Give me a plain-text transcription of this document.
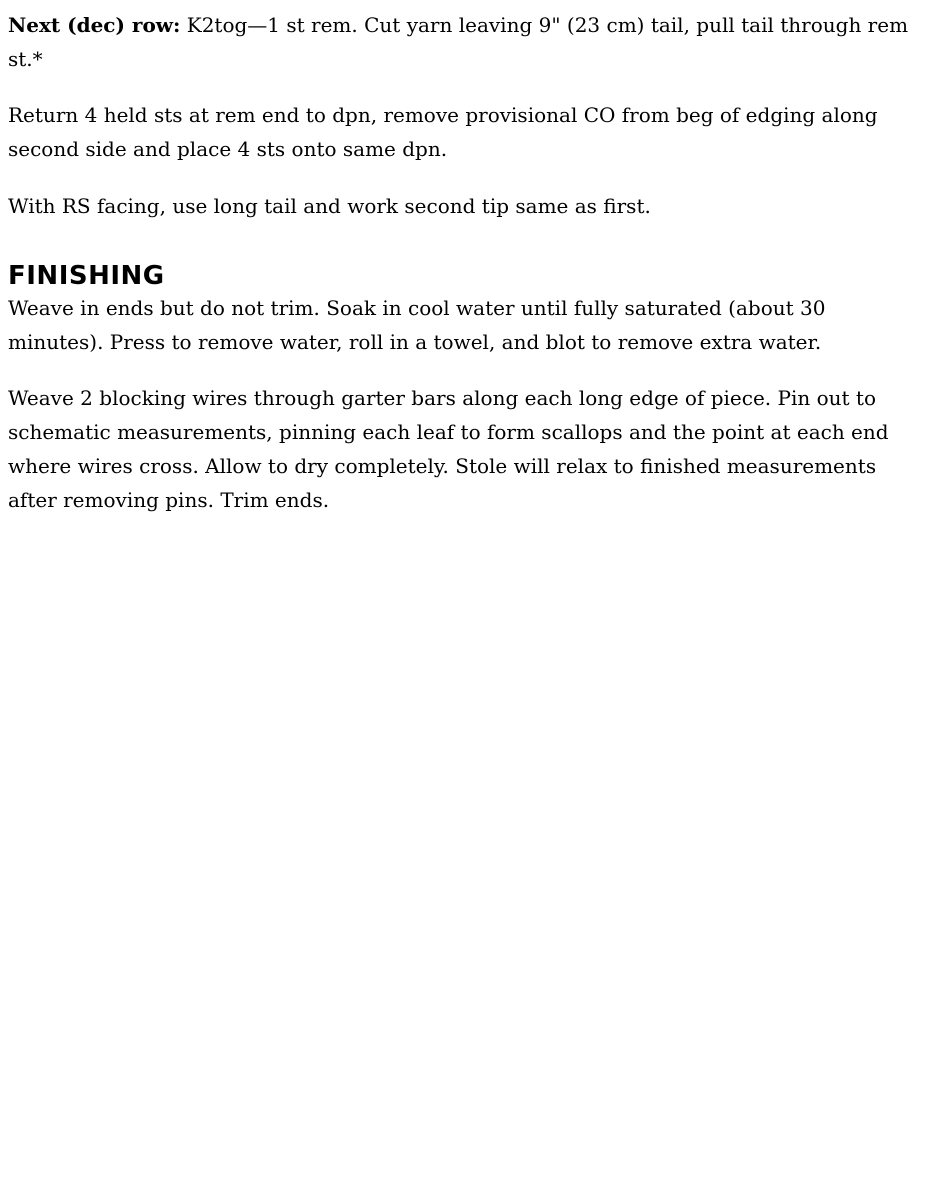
Next (dec) row: K2tog—1 st rem. Cut yarn leaving 9" (23 cm) tail, pull tail through rem st.*

Return 4 held sts at rem end to dpn, remove provisional CO from beg of edging along second side and place 4 sts onto same dpn.

With RS facing, use long tail and work second tip same as first.

FINISHING

Weave in ends but do not trim. Soak in cool water until fully saturated (about 30 minutes). Press to remove water, roll in a towel, and blot to remove extra water.

Weave 2 blocking wires through garter bars along each long edge of piece. Pin out to schematic measurements, pinning each leaf to form scallops and the point at each end where wires cross. Allow to dry completely. Stole will relax to finished measurements after removing pins. Trim ends.
